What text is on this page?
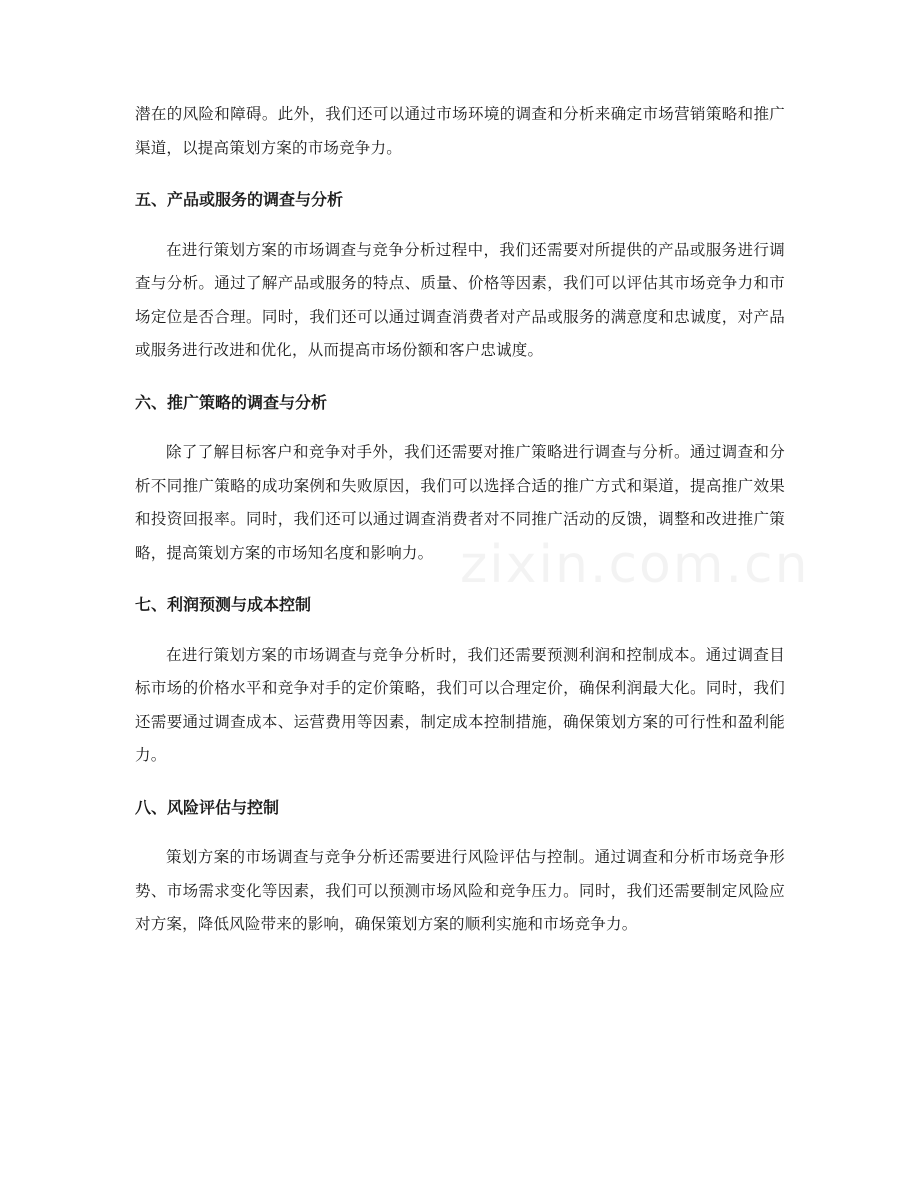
潜在的风险和障碍。此外，我们还可以通过市场环境的调查和分析来确定市场营销策略和推广渠道，以提高策划方案的市场竞争力。

五、产品或服务的调查与分析

在进行策划方案的市场调查与竞争分析过程中，我们还需要对所提供的产品或服务进行调查与分析。通过了解产品或服务的特点、质量、价格等因素，我们可以评估其市场竞争力和市场定位是否合理。同时，我们还可以通过调查消费者对产品或服务的满意度和忠诚度，对产品或服务进行改进和优化，从而提高市场份额和客户忠诚度。

六、推广策略的调查与分析

除了了解目标客户和竞争对手外，我们还需要对推广策略进行调查与分析。通过调查和分析不同推广策略的成功案例和失败原因，我们可以选择合适的推广方式和渠道，提高推广效果和投资回报率。同时，我们还可以通过调查消费者对不同推广活动的反馈，调整和改进推广策略，提高策划方案的市场知名度和影响力。

七、利润预测与成本控制

在进行策划方案的市场调查与竞争分析时，我们还需要预测利润和控制成本。通过调查目标市场的价格水平和竞争对手的定价策略，我们可以合理定价，确保利润最大化。同时，我们还需要通过调查成本、运营费用等因素，制定成本控制措施，确保策划方案的可行性和盈利能力。

八、风险评估与控制

策划方案的市场调查与竞争分析还需要进行风险评估与控制。通过调查和分析市场竞争形势、市场需求变化等因素，我们可以预测市场风险和竞争压力。同时，我们还需要制定风险应对方案，降低风险带来的影响，确保策划方案的顺利实施和市场竞争力。
